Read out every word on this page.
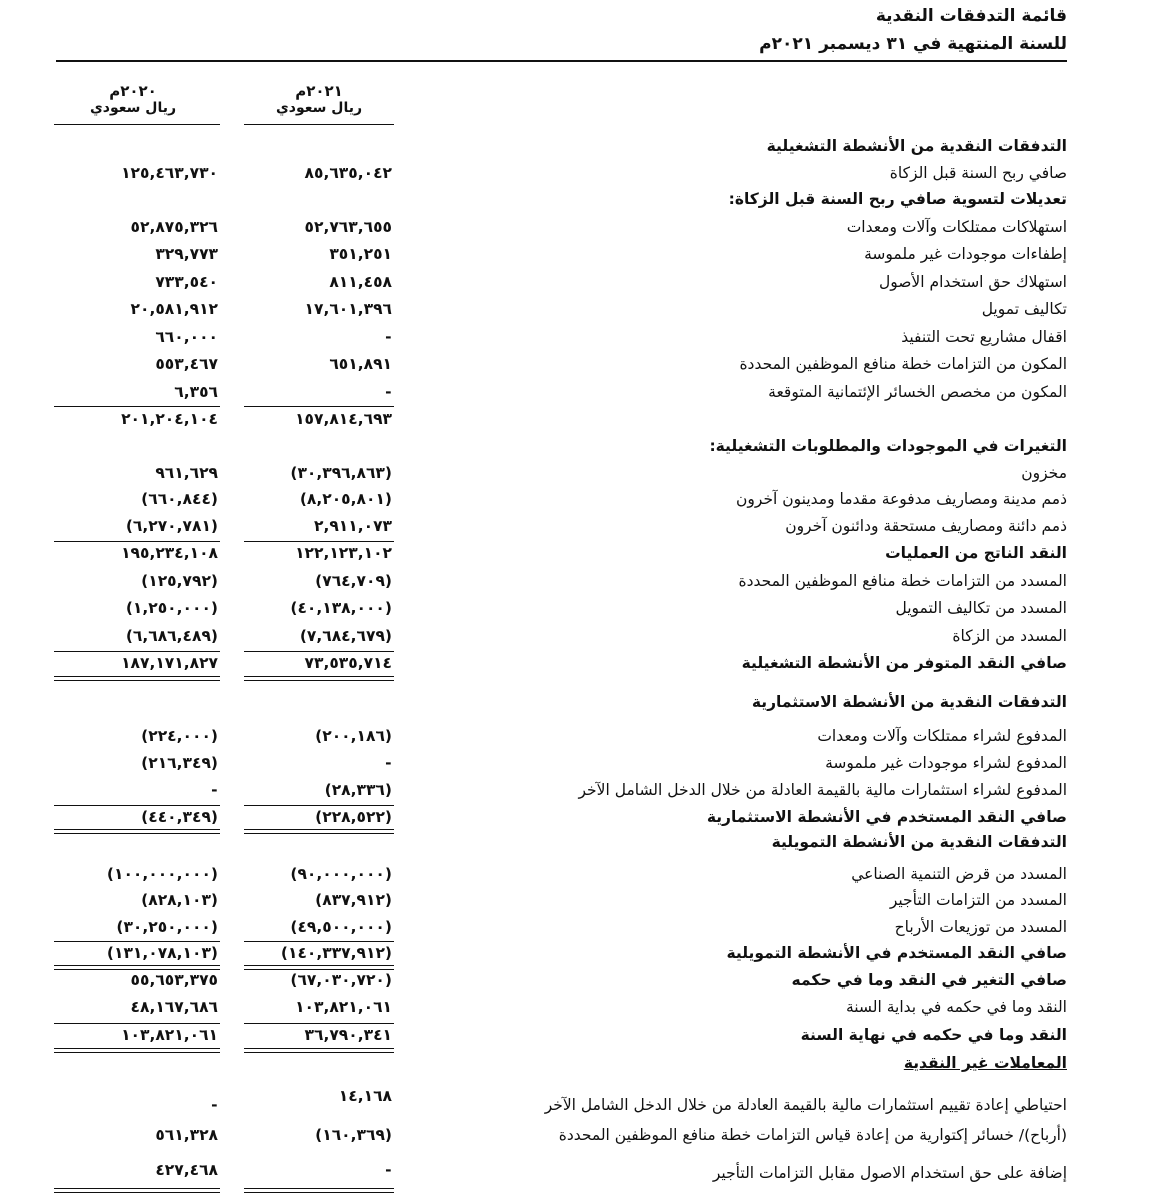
قائمة التدفقات النقدية
للسنة المنتهية في ٣١ ديسمبر ٢٠٢١م
٢٠٢١م
ريال سعودي
٢٠٢٠م
ريال سعودي
التدفقات النقدية من الأنشطة التشغيلية
صافي ربح السنة قبل الزكاة
٨٥,٦٣٥,٠٤٢
١٢٥,٤٦٣,٧٣٠
تعديلات لتسوية صافي ربح السنة قبل الزكاة:
استهلاكات ممتلكات وآلات ومعدات
٥٢,٧٦٣,٦٥٥
٥٢,٨٧٥,٣٢٦
إطفاءات موجودات غير ملموسة
٣٥١,٢٥١
٣٢٩,٧٧٣
استهلاك حق استخدام الأصول
٨١١,٤٥٨
٧٣٣,٥٤٠
تكاليف تمويل
١٧,٦٠١,٣٩٦
٢٠,٥٨١,٩١٢
اقفال مشاريع تحت التنفيذ
-
٦٦٠,٠٠٠
المكون من التزامات خطة منافع الموظفين المحددة
٦٥١,٨٩١
٥٥٣,٤٦٧
المكون من مخصص الخسائر الإئتمانية المتوقعة
-
٦,٣٥٦
١٥٧,٨١٤,٦٩٣
٢٠١,٢٠٤,١٠٤
التغيرات في الموجودات والمطلوبات التشغيلية:
مخزون
(٣٠,٣٩٦,٨٦٣)
٩٦١,٦٢٩
ذمم مدينة ومصاريف مدفوعة مقدما ومدينون آخرون
(٨,٢٠٥,٨٠١)
(٦٦٠,٨٤٤)
ذمم دائنة ومصاريف مستحقة ودائنون آخرون
٢,٩١١,٠٧٣
(٦,٢٧٠,٧٨١)
النقد الناتج من العمليات
١٢٢,١٢٣,١٠٢
١٩٥,٢٣٤,١٠٨
المسدد من التزامات خطة منافع الموظفين المحددة
(٧٦٤,٧٠٩)
(١٢٥,٧٩٢)
المسدد من تكاليف التمويل
(٤٠,١٣٨,٠٠٠)
(١,٢٥٠,٠٠٠)
المسدد من الزكاة
(٧,٦٨٤,٦٧٩)
(٦,٦٨٦,٤٨٩)
صافي النقد المتوفر من الأنشطة التشغيلية
٧٣,٥٣٥,٧١٤
١٨٧,١٧١,٨٢٧
التدفقات النقدية من الأنشطة الاستثمارية
المدفوع لشراء ممتلكات وآلات ومعدات
(٢٠٠,١٨٦)
(٢٢٤,٠٠٠)
المدفوع لشراء موجودات غير ملموسة
-
(٢١٦,٣٤٩)
المدفوع لشراء استثمارات مالية بالقيمة العادلة من خلال الدخل الشامل الآخر
(٢٨,٣٣٦)
-
صافي النقد المستخدم في الأنشطة الاستثمارية
(٢٢٨,٥٢٢)
(٤٤٠,٣٤٩)
التدفقات النقدية من الأنشطة التمويلية
المسدد من قرض التنمية الصناعي
(٩٠,٠٠٠,٠٠٠)
(١٠٠,٠٠٠,٠٠٠)
المسدد من التزامات التأجير
(٨٣٧,٩١٢)
(٨٢٨,١٠٣)
المسدد من توزيعات الأرباح
(٤٩,٥٠٠,٠٠٠)
(٣٠,٢٥٠,٠٠٠)
صافي النقد المستخدم في الأنشطة التمويلية
(١٤٠,٣٣٧,٩١٢)
(١٣١,٠٧٨,١٠٣)
صافي التغير في النقد وما في حكمه
(٦٧,٠٣٠,٧٢٠)
٥٥,٦٥٣,٣٧٥
النقد وما في حكمه في بداية السنة
١٠٣,٨٢١,٠٦١
٤٨,١٦٧,٦٨٦
النقد وما في حكمه في نهاية السنة
٣٦,٧٩٠,٣٤١
١٠٣,٨٢١,٠٦١
المعاملات غير النقدية
احتياطي إعادة تقييم استثمارات مالية بالقيمة العادلة من خلال الدخل الشامل الآخر
١٤,١٦٨
-
(أرباح)/ خسائر إكتوارية من إعادة قياس التزامات خطة منافع الموظفين المحددة
(١٦٠,٣٦٩)
٥٦١,٣٢٨
إضافة على حق استخدام الاصول مقابل التزامات التأجير
-
٤٢٧,٤٦٨
